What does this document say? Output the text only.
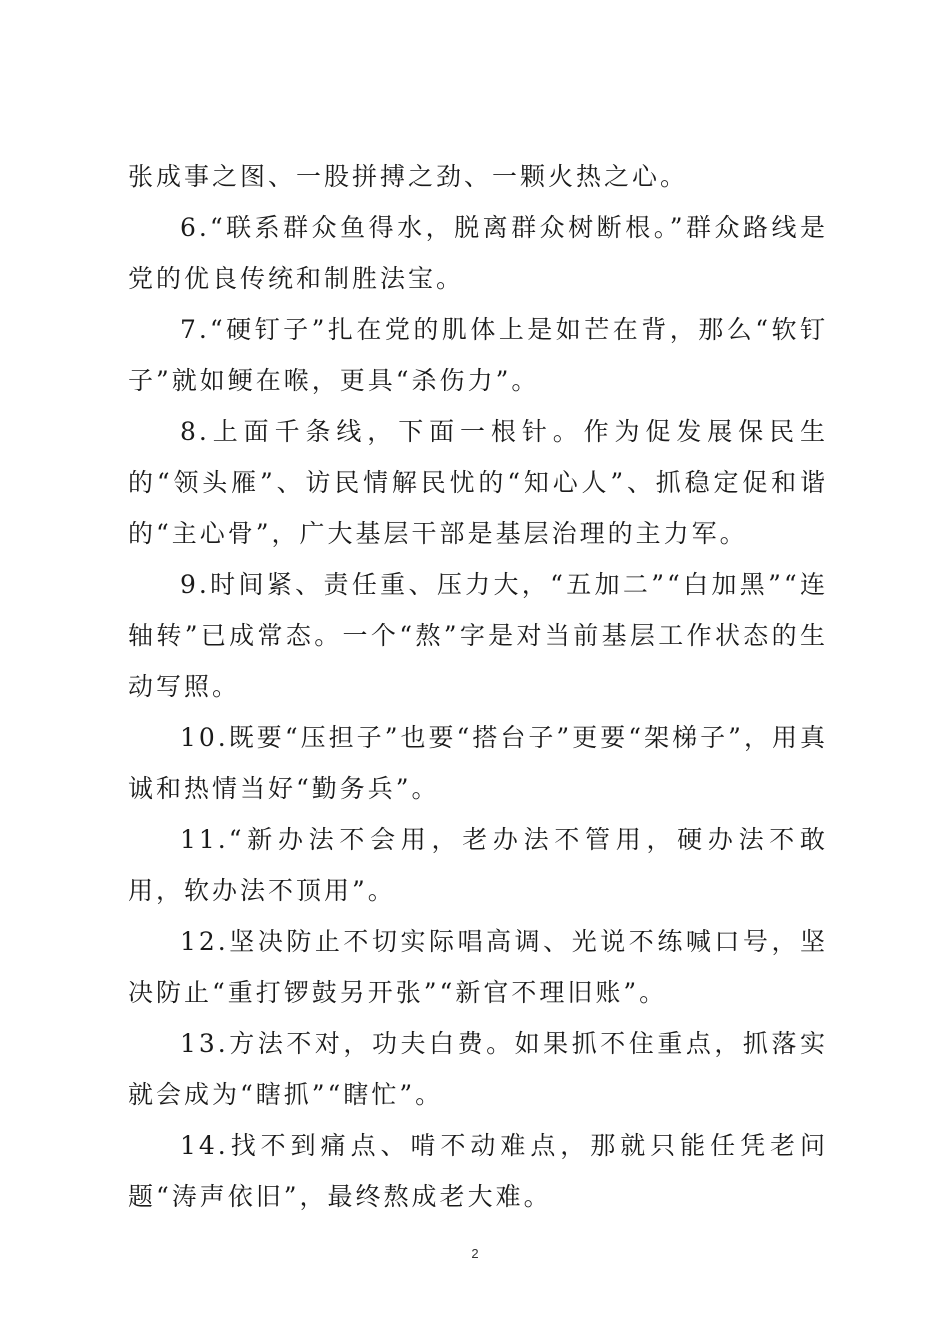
张成事之图、一股拼搏之劲、一颗火热之心。

6.“联系群众鱼得水，脱离群众树断根。”群众路线是党的优良传统和制胜法宝。

7.“硬钉子”扎在党的肌体上是如芒在背，那么“软钉子”就如鲠在喉，更具“杀伤力”。

8.上面千条线，下面一根针。作为促发展保民生的“领头雁”、访民情解民忧的“知心人”、抓稳定促和谐的“主心骨”，广大基层干部是基层治理的主力军。

9.时间紧、责任重、压力大，“五加二”“白加黑”“连轴转”已成常态。一个“熬”字是对当前基层工作状态的生动写照。

10.既要“压担子”也要“搭台子”更要“架梯子”，用真诚和热情当好“勤务兵”。

11.“新办法不会用，老办法不管用，硬办法不敢用，软办法不顶用”。

12.坚决防止不切实际唱高调、光说不练喊口号，坚决防止“重打锣鼓另开张”“新官不理旧账”。

13.方法不对，功夫白费。如果抓不住重点，抓落实就会成为“瞎抓”“瞎忙”。

14.找不到痛点、啃不动难点，那就只能任凭老问题“涛声依旧”，最终熬成老大难。

2
